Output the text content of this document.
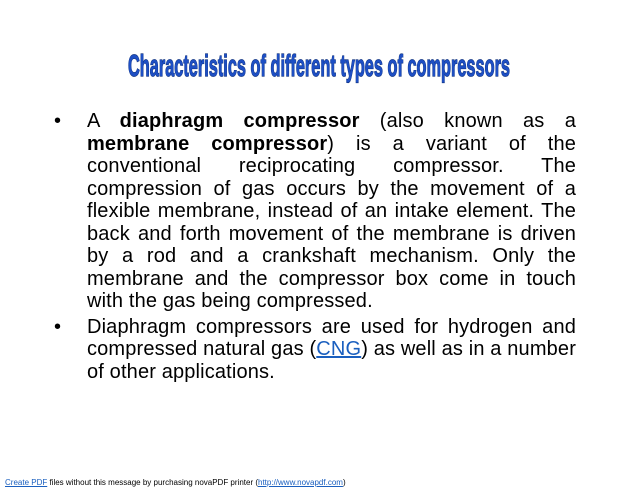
Characteristics of different types of compressors
• A diaphragm compressor (also known as a membrane compressor) is a variant of the conventional reciprocating compressor. The compression of gas occurs by the movement of a flexible membrane, instead of an intake element. The back and forth movement of the membrane is driven by a rod and a crankshaft mechanism. Only the membrane and the compressor box come in touch with the gas being compressed.
• Diaphragm compressors are used for hydrogen and compressed natural gas (CNG) as well as in a number of other applications.
Create PDF files without this message by purchasing novaPDF printer (http://www.novapdf.com)
